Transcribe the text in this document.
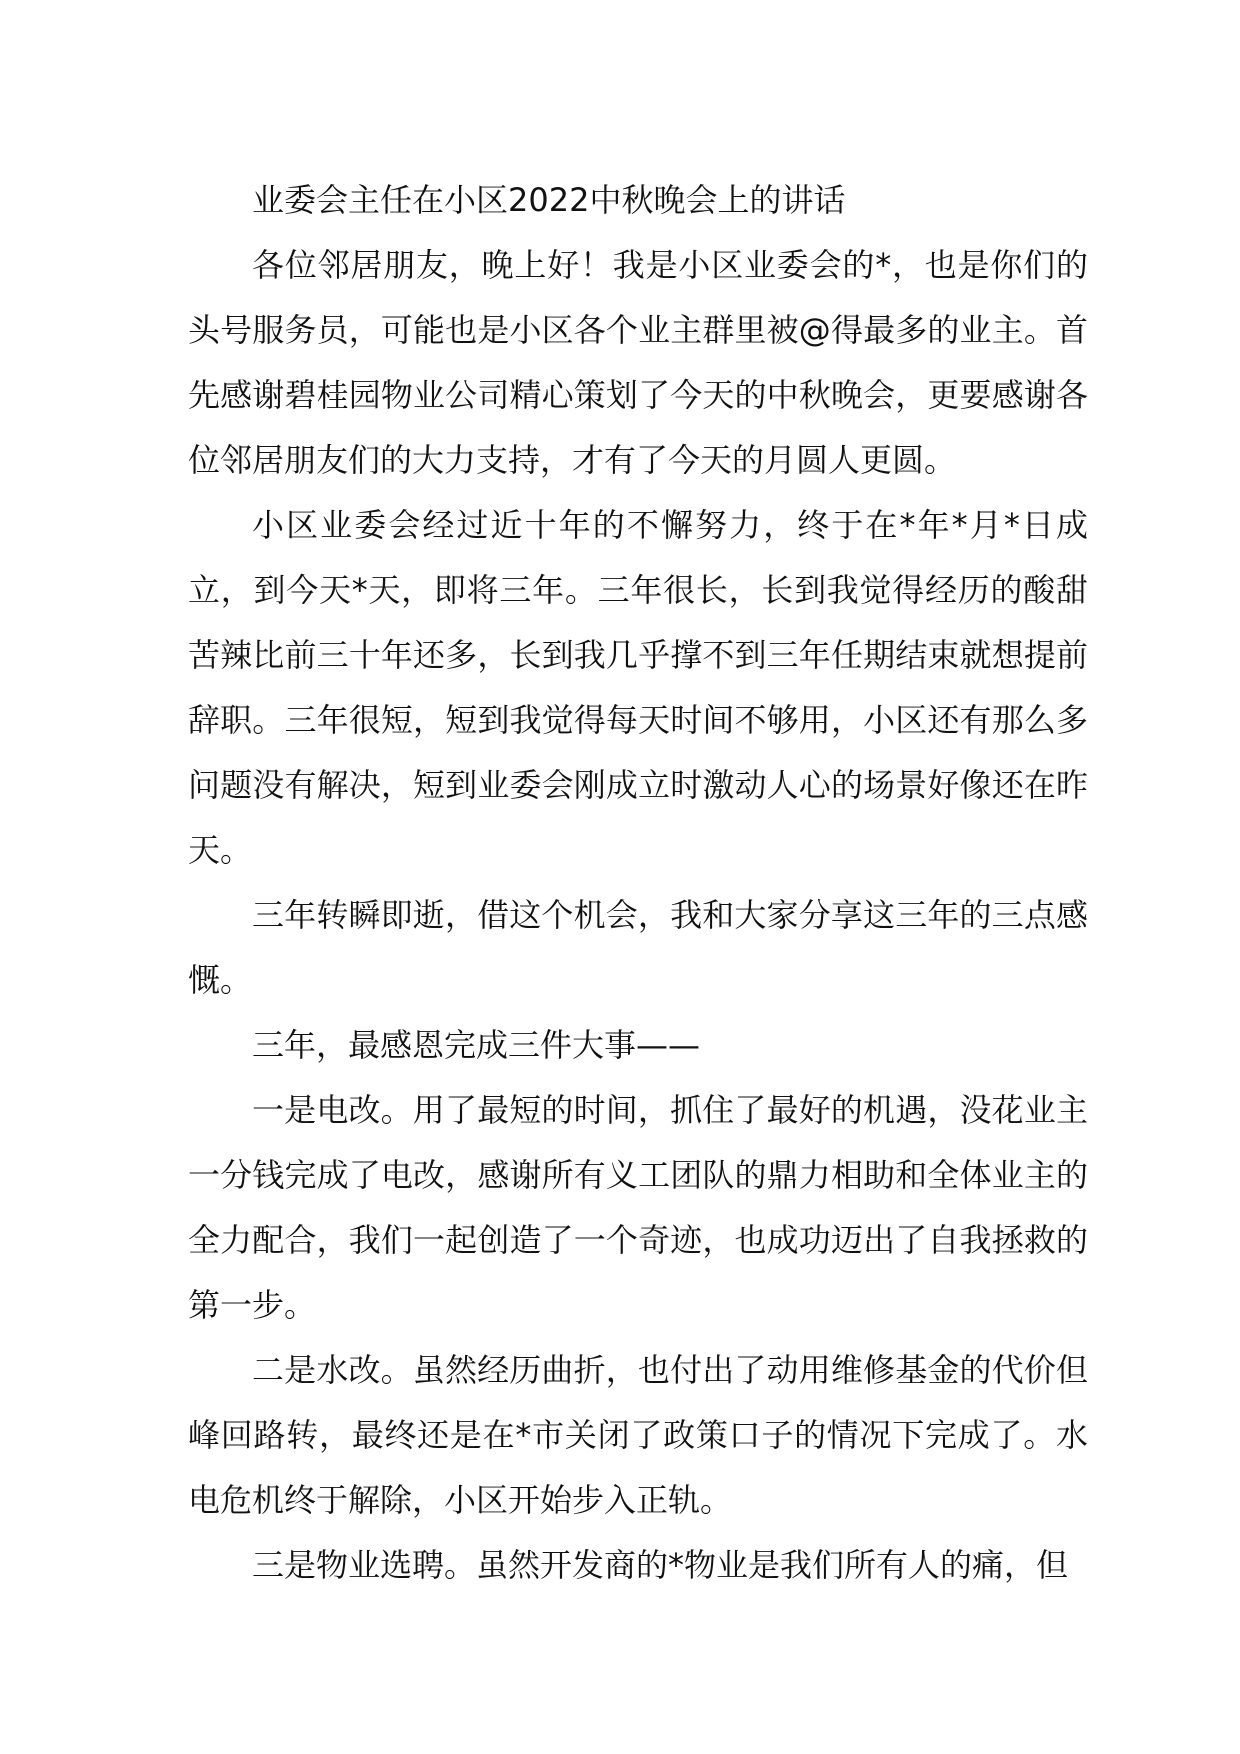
业委会主任在小区2022中秋晚会上的讲话

各位邻居朋友，晚上好！我是小区业委会的*，也是你们的头号服务员，可能也是小区各个业主群里被@得最多的业主。首先感谢碧桂园物业公司精心策划了今天的中秋晚会，更要感谢各位邻居朋友们的大力支持，才有了今天的月圆人更圆。

小区业委会经过近十年的不懈努力，终于在*年*月*日成立，到今天*天，即将三年。三年很长，长到我觉得经历的酸甜苦辣比前三十年还多，长到我几乎撑不到三年任期结束就想提前辞职。三年很短，短到我觉得每天时间不够用，小区还有那么多问题没有解决，短到业委会刚成立时激动人心的场景好像还在昨天。

三年转瞬即逝，借这个机会，我和大家分享这三年的三点感慨。

三年，最感恩完成三件大事——

一是电改。用了最短的时间，抓住了最好的机遇，没花业主一分钱完成了电改，感谢所有义工团队的鼎力相助和全体业主的全力配合，我们一起创造了一个奇迹，也成功迈出了自我拯救的第一步。

二是水改。虽然经历曲折，也付出了动用维修基金的代价但峰回路转，最终还是在*市关闭了政策口子的情况下完成了。水电危机终于解除，小区开始步入正轨。

三是物业选聘。虽然开发商的*物业是我们所有人的痛，但
